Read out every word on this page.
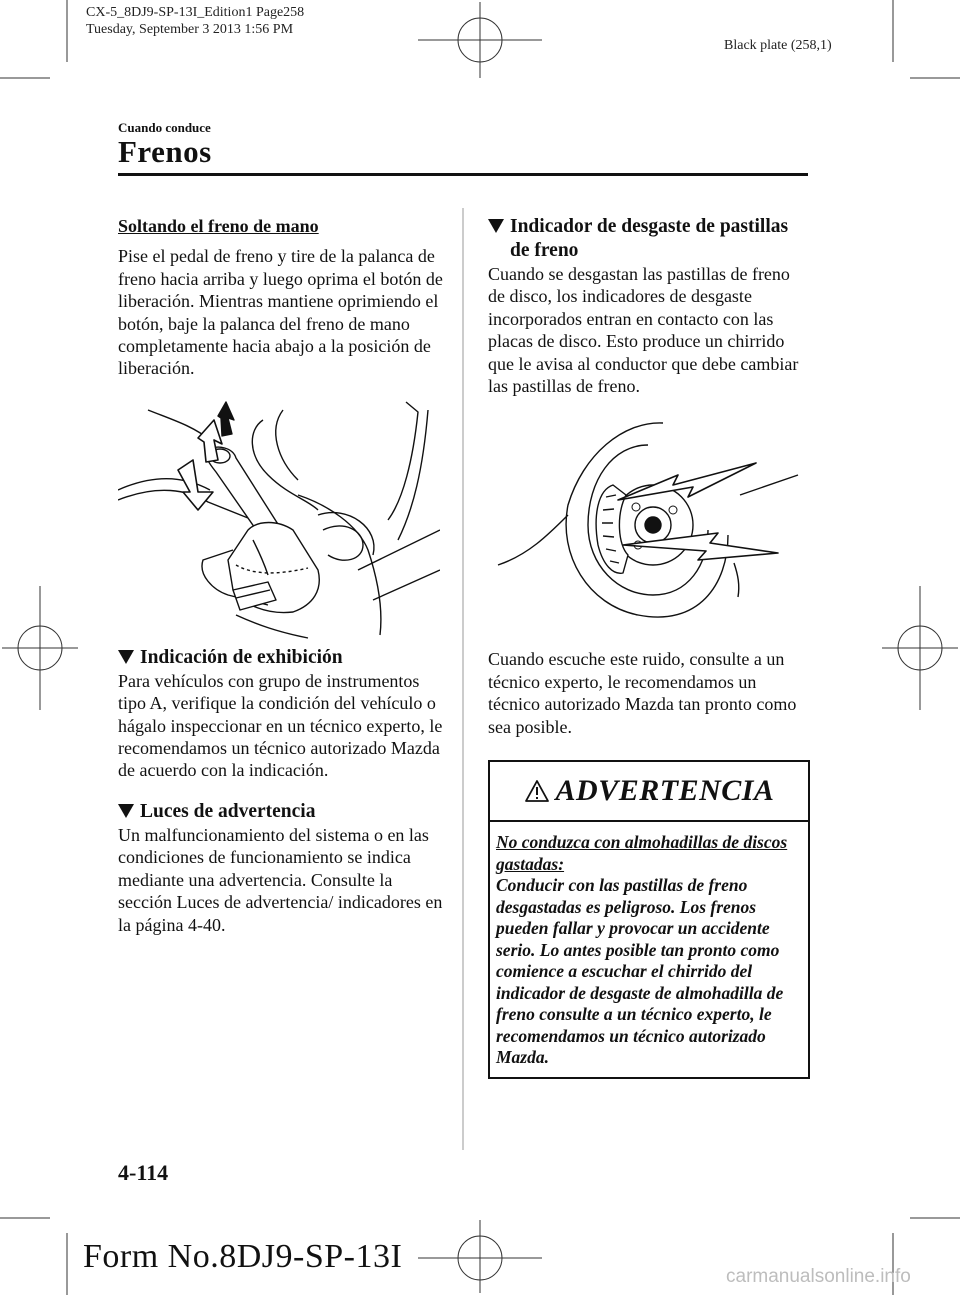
CX-5_8DJ9-SP-13I_Edition1 Page258
Tuesday, September 3 2013 1:56 PM
Black plate (258,1)
Cuando conduce
Frenos

Soltando el freno de mano

Pise el pedal de freno y tire de la palanca de freno hacia arriba y luego oprima el botón de liberación. Mientras mantiene oprimiendo el botón, baje la palanca del freno de mano completamente hacia abajo a la posición de liberación.

Indicación de exhibición

Para vehículos con grupo de instrumentos tipo A, verifique la condición del vehículo o hágalo inspeccionar en un técnico experto, le recomendamos un técnico autorizado Mazda de acuerdo con la indicación.

Luces de advertencia

Un malfuncionamiento del sistema o en las condiciones de funcionamiento se indica mediante una advertencia. Consulte la sección Luces de advertencia/ indicadores en la página 4-40.

Indicador de desgaste de pastillas de freno

Cuando se desgastan las pastillas de freno de disco, los indicadores de desgaste incorporados entran en contacto con las placas de disco. Esto produce un chirrido que le avisa al conductor que debe cambiar las pastillas de freno.

Cuando escuche este ruido, consulte a un técnico experto, le recomendamos un técnico autorizado Mazda tan pronto como sea posible.

ADVERTENCIA
No conduzca con almohadillas de discos gastadas:
Conducir con las pastillas de freno desgastadas es peligroso. Los frenos pueden fallar y provocar un accidente serio. Lo antes posible tan pronto como comience a escuchar el chirrido del indicador de desgaste de almohadilla de freno consulte a un técnico experto, le recomendamos un técnico autorizado Mazda.
4-114
Form No.8DJ9-SP-13I
carmanualsonline.info
